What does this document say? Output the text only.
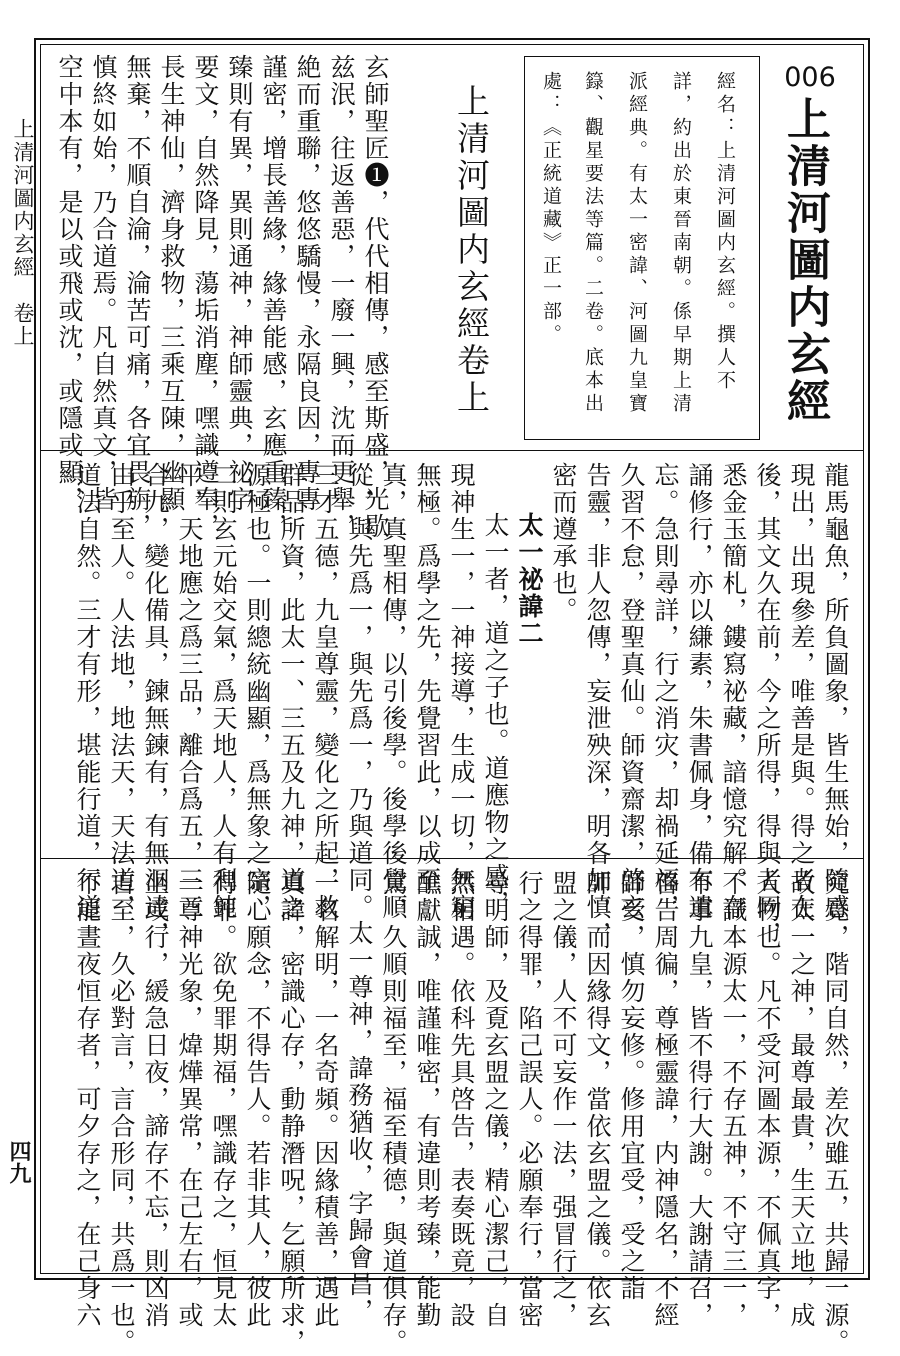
上清河圖内玄經　卷上
四九
006
上清河圖内玄經
經名：上清河圖内玄經。撰人不
詳，約出於東晉南朝。係早期上清
派經典。有太一密諱、河圖九皇寶
籙、觀星要法等篇。二卷。底本出
處：《正統道藏》正一部。
上清河圖内玄經卷上
玄師聖匠❶，代代相傳，感至斯盛，光歇
兹泯，往返善惡，一廢一興，沈而更舉，
絶而重聯，悠悠驕慢，永隔良因，專專
謹密，增長善緣，緣善能感，玄應重臻，
臻則有異，異則通神，神師靈典，祕字
要文，自然降見，蕩垢消塵，嘿識遵奉，
長生神仙，濟身救物，三乘互陳，幽顯
無棄，不順自淪，淪苦可痛，各宜畏旃，
慎終如始，乃合道焉。凡自然真文，皆
空中本有，是以或飛或沈，或隱或顯，
龍馬龜魚，所負圖象，皆生無始，隨感
現出，出現參差，唯善是與。得之者在
後，其文久在前，今之所得，得與者同，
悉金玉簡札，鏤寫祕藏，諳憶究解。存
誦修行，亦以縑素，朱書佩身，備有遺
忘。急則尋詳，行之消灾，却禍延福，
久習不怠，登聖真仙。師資齋潔，啓玄
告靈，非人忽傳，妄泄殃深，明各加慎，
密而遵承也。
太一祕諱二
太一者，道之子也。道應物之感，
現神生一，一神接導，生成一切，無窮
無極。爲學之先，先覺習此，以成至
真，真聖相傳，以引後學。後學後覺順
從，與先爲一，與先爲一，乃與道同。
三才五德，九皇尊靈，變化之所起，救
群品所資，此太一、三五及九神，道之
源極也。一則總統幽顯，爲無象之宗，
二則玄元始交氣，爲天地人，人有利鈍
平，天地應之爲三品，離合爲五，三三
合九，變化備具，鍊無鍊有，有無洞達，
由乎至人。人法地，地法天，天法道，
道法自然。三才有形，堪能行道，行道
究竟，階同自然，差次雖五，共歸一源。
故太一之神，最尊最貴，生天立地，成
人物也。凡不受河圖本源，不佩真字，
不識本源太一，不存五神，不守三一，
不事九皇，皆不得行大謝。大謝請召，
啓告周徧，尊極靈諱，内神隱名，不經
師受，慎勿妄修。修用宜受，受之詣
師，而因緣得文，當依玄盟之儀。依玄
盟之儀，人不可妄作一法，强冒行之，
行之得罪，陷己誤人。必願奉行，當密
尋明師，及覔玄盟之儀，精心潔己，自
然相遇。依科先具啓告，表奏既竟，設
醮獻誠，唯謹唯密，有違則考臻，能勤
篤，久順則福至，福至積德，與道俱存。
太一尊神，諱務猶收，字歸會昌，
一名解明，一名奇頻。因緣積善，遇此
真諱，密識心存，動静潛呪，乞願所求，
隨心願念，不得告人。若非其人，彼此
得罪。欲免罪期福，嘿識存之，恒見太
一尊神光象，煒燁異常，在己左右，或
坐或行，緩急日夜，諦存不忘，則凶消
吉至，久必對言，言合形同，共爲一也。
不能晝夜恒存者，可夕存之，在己身六
